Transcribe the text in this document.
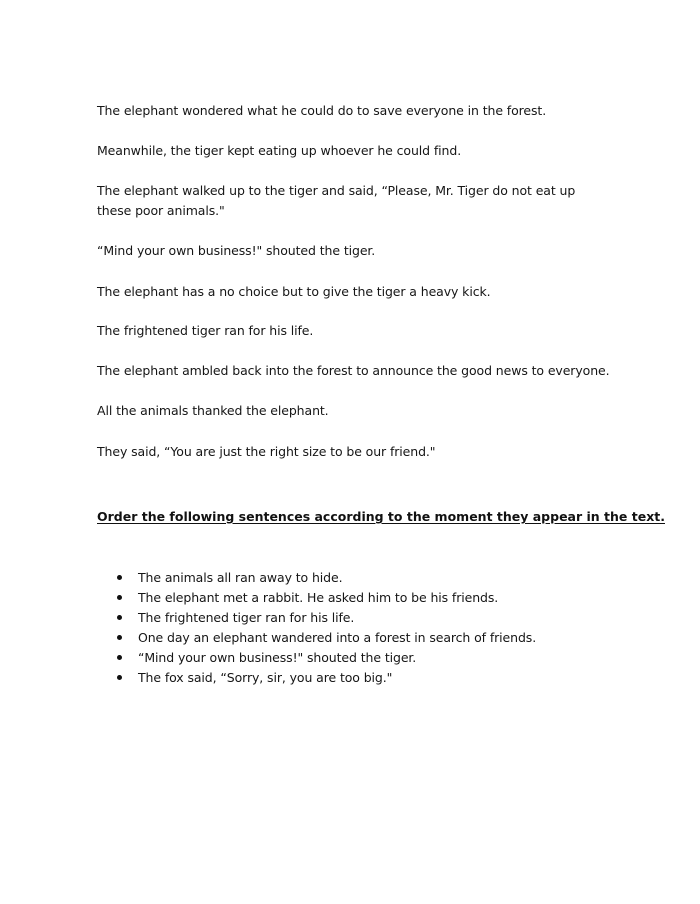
The elephant wondered what he could do to save everyone in the forest.

Meanwhile, the tiger kept eating up whoever he could find.

The elephant walked up to the tiger and said, “Please, Mr. Tiger do not eat up these poor animals."

“Mind your own business!" shouted the tiger.

The elephant has a no choice but to give the tiger a heavy kick.

The frightened tiger ran for his life.

The elephant ambled back into the forest to announce the good news to everyone.

All the animals thanked the elephant.

They said, “You are just the right size to be our friend."

Order the following sentences according to the moment they appear in the text.

The animals all ran away to hide.
The elephant met a rabbit. He asked him to be his friends.
The frightened tiger ran for his life.
One day an elephant wandered into a forest in search of friends.
“Mind your own business!" shouted the tiger.
The fox said, “Sorry, sir, you are too big."
